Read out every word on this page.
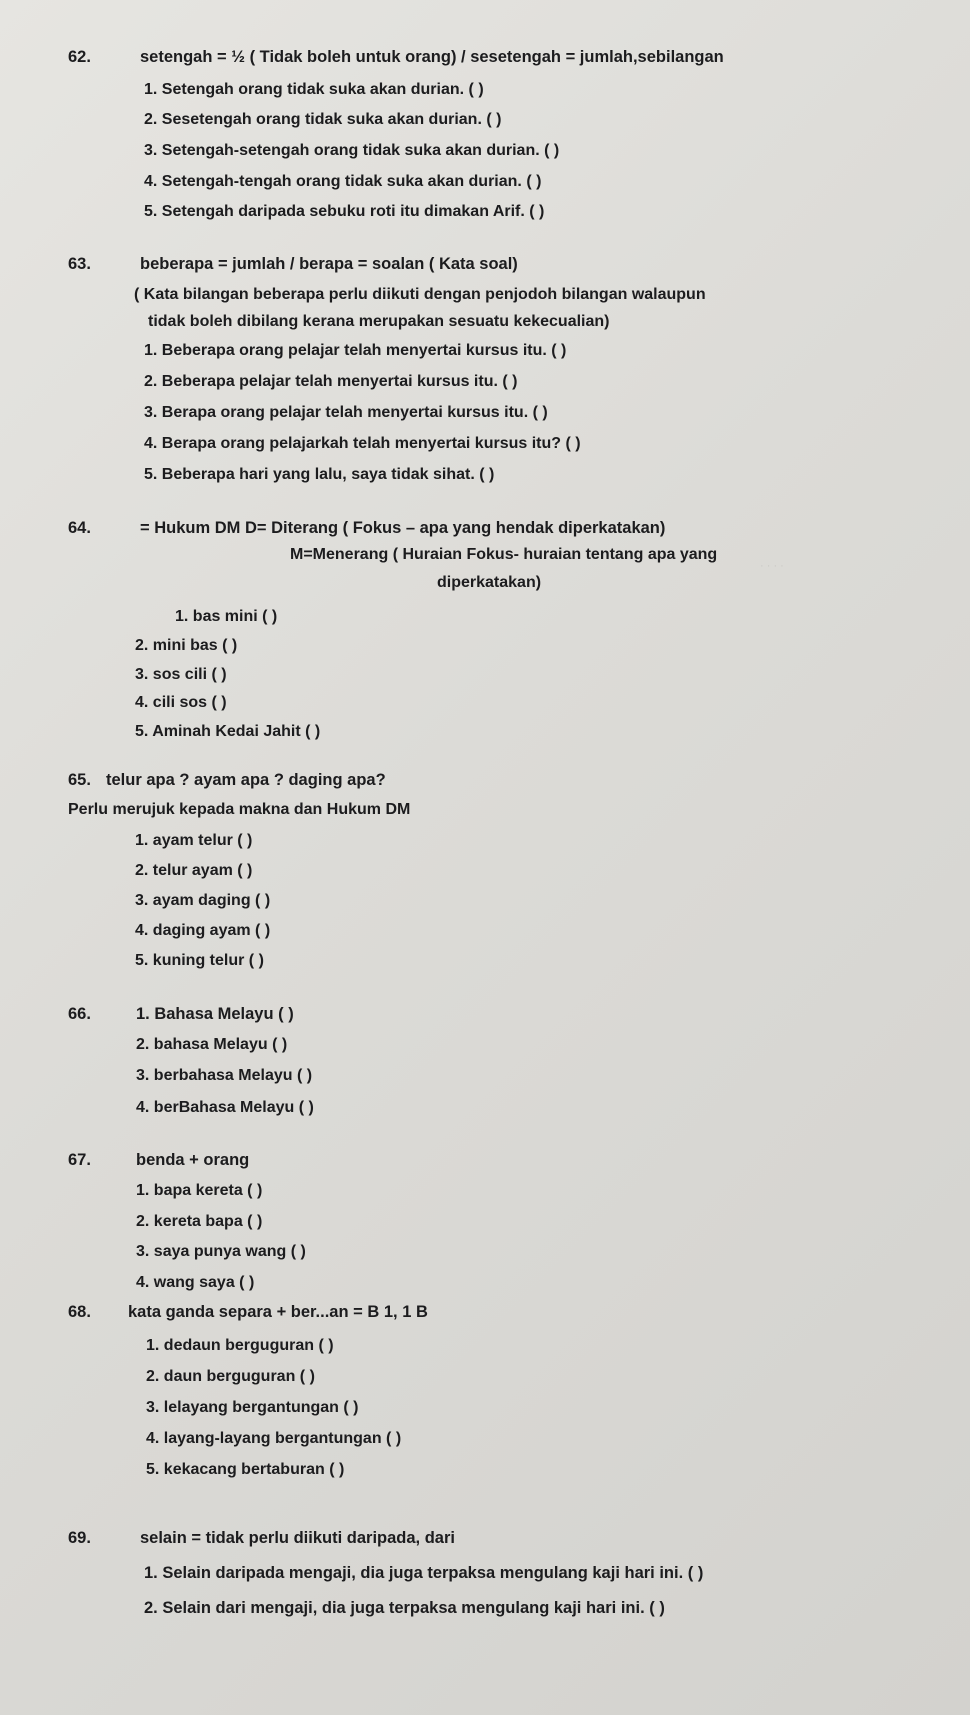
· · · ·
62.	setengah = ½ ( Tidak boleh untuk orang) / sesetengah = jumlah,sebilangan
1. Setengah orang tidak suka akan durian. ( )
2. Sesetengah orang tidak suka akan durian. ( )
3. Setengah-setengah orang tidak suka akan durian. ( )
4. Setengah-tengah orang tidak suka akan durian. ( )
5. Setengah daripada sebuku roti itu dimakan Arif. ( )
63.	beberapa = jumlah / berapa = soalan ( Kata soal)
( Kata bilangan beberapa perlu diikuti dengan penjodoh bilangan walaupun
tidak boleh dibilang kerana merupakan sesuatu kekecualian)
1. Beberapa orang pelajar telah menyertai kursus itu. ( )
2. Beberapa pelajar telah menyertai kursus itu. ( )
3. Berapa orang pelajar telah menyertai kursus itu. ( )
4. Berapa orang pelajarkah telah menyertai kursus itu? ( )
5. Beberapa hari yang lalu, saya tidak sihat. ( )
64.	= Hukum DM D= Diterang ( Fokus – apa yang hendak diperkatakan)
M=Menerang ( Huraian Fokus- huraian tentang apa yang
diperkatakan)
1. bas mini ( )
2. mini bas ( )
3. sos cili ( )
4. cili sos ( )
5. Aminah Kedai Jahit ( )
65. telur apa ? ayam apa ? daging apa?
Perlu merujuk kepada makna dan Hukum DM
1. ayam telur ( )
2. telur ayam ( )
3. ayam daging ( )
4. daging ayam ( )
5. kuning telur ( )
66.	1. Bahasa Melayu ( )
2. bahasa Melayu ( )
3. berbahasa Melayu ( )
4. berBahasa Melayu ( )
67.	benda + orang
1. bapa kereta ( )
2. kereta bapa ( )
3. saya punya wang ( )
4. wang saya ( )
68. kata ganda separa + ber...an = B 1, 1 B
1. dedaun berguguran ( )
2. daun berguguran ( )
3. lelayang bergantungan ( )
4. layang-layang bergantungan ( )
5. kekacang bertaburan ( )
69.	selain = tidak perlu diikuti daripada, dari
1. Selain daripada mengaji, dia juga terpaksa mengulang kaji hari ini. ( )
2. Selain dari mengaji, dia juga terpaksa mengulang kaji hari ini. ( )
